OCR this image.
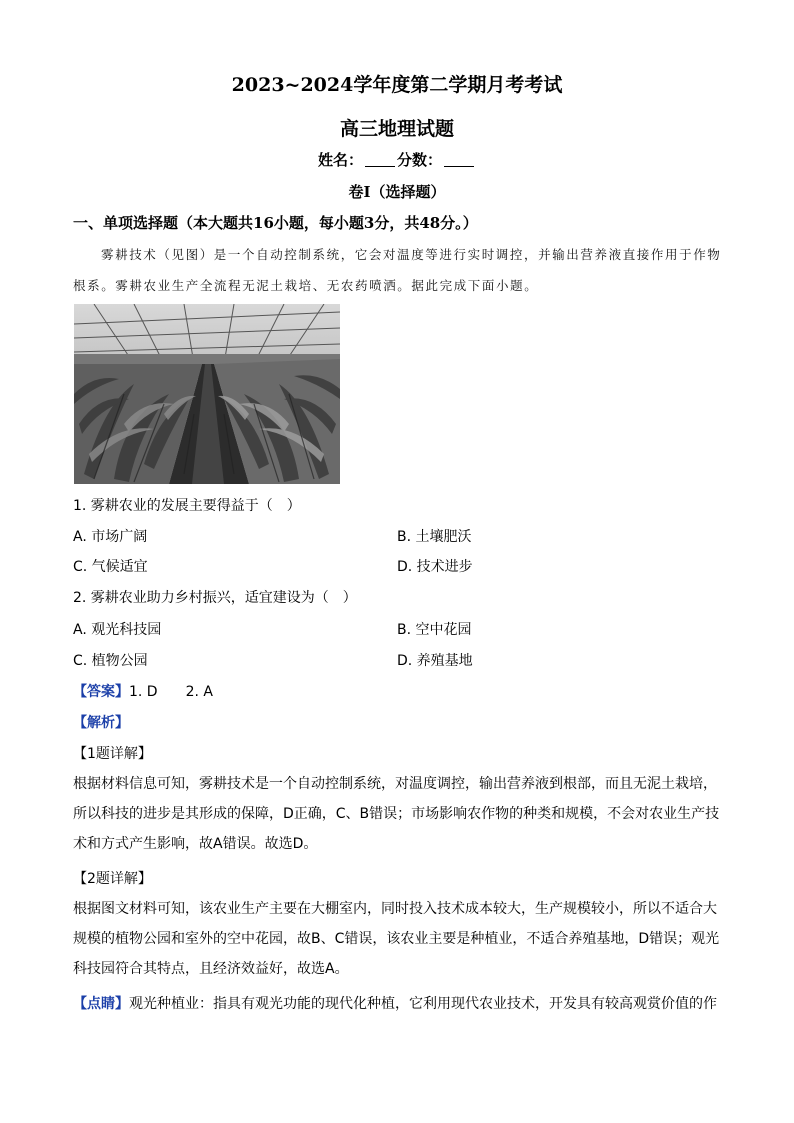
2023~2024学年度第二学期月考考试
高三地理试题
姓名： 分数：
卷I（选择题）
一、单项选择题（本大题共16小题，每小题3分，共48分。）
雾耕技术（见图）是一个自动控制系统，它会对温度等进行实时调控，并输出营养液直接作用于作物
根系。雾耕农业生产全流程无泥土栽培、无农药喷洒。据此完成下面小题。
1. 雾耕农业的发展主要得益于（　）
A. 市场广阔	B. 土壤肥沃
C. 气候适宜	D. 技术进步
2. 雾耕农业助力乡村振兴，适宜建设为（　）
A. 观光科技园	B. 空中花园
C. 植物公园	D. 养殖基地
【答案】1. D　　2. A
【解析】
【1题详解】
根据材料信息可知，雾耕技术是一个自动控制系统，对温度调控，输出营养液到根部，而且无泥土栽培，
所以科技的进步是其形成的保障，D正确，C、B错误；市场影响农作物的种类和规模，不会对农业生产技
术和方式产生影响，故A错误。故选D。
【2题详解】
根据图文材料可知，该农业生产主要在大棚室内，同时投入技术成本较大，生产规模较小，所以不适合大
规模的植物公园和室外的空中花园，故B、C错误，该农业主要是种植业，不适合养殖基地，D错误；观光
科技园符合其特点，且经济效益好，故选A。
【点睛】观光种植业：指具有观光功能的现代化种植，它利用现代农业技术，开发具有较高观赏价值的作
